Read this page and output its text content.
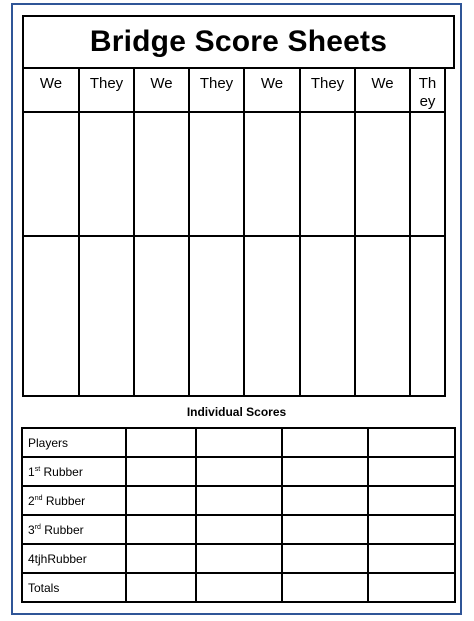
Bridge Score Sheets
We	They	We	They	We	They	We	They

Individual Scores
Players				
1st Rubber				
2nd Rubber				
3rd Rubber				
4tjhRubber				
Totals				
